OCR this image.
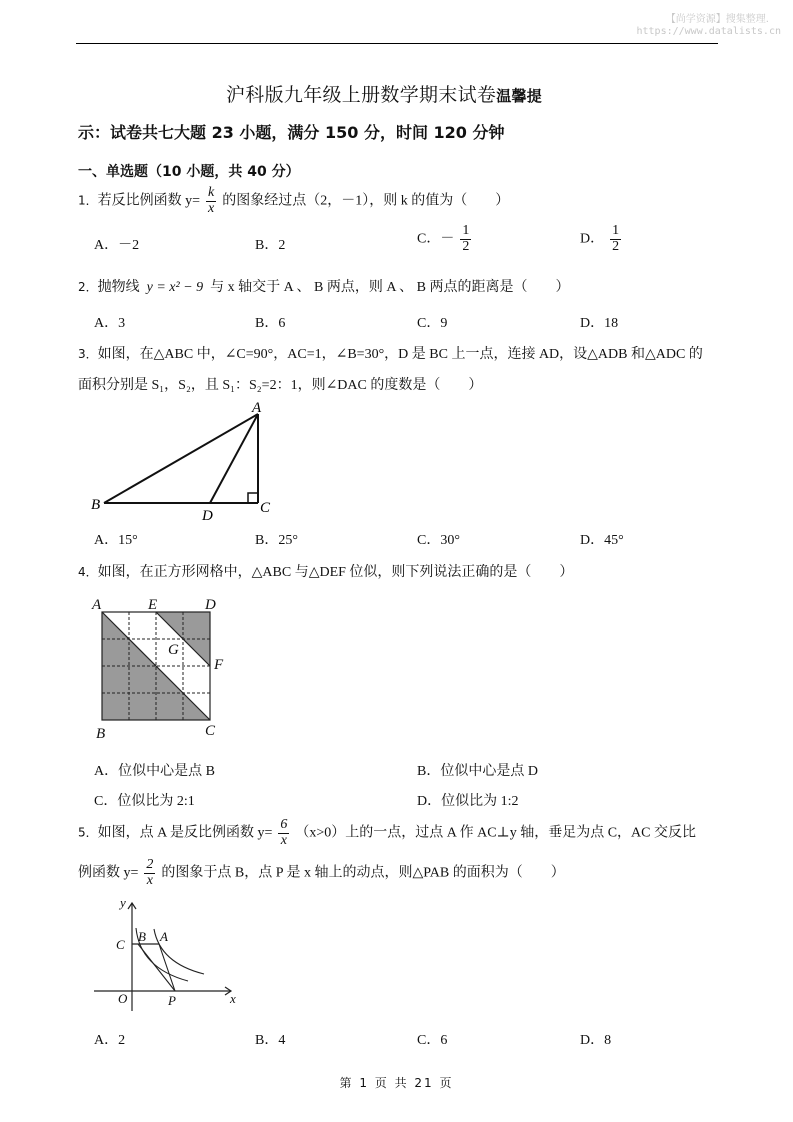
【尚学资源】搜集整理.
https://www.datalists.cn
沪科版九年级上册数学期末试卷温馨提
示：试卷共七大题 23 小题，满分 150 分，时间 120 分钟
一、单选题（10 小题，共 40 分）
1．若反比例函数 $y= \frac{k}{x}$ 的图象经过点（2，－1），则 k 的值为（　　）
A．－2	B．2	C．－ $\frac{1}{2}$	D． $\frac{1}{2}$
2．抛物线 y = x² − 9 与 x 轴交于 A 、 B 两点，则 A 、 B 两点的距离是（　　）
A．3	B．6	C．9	D．18
3．如图，在△ABC 中，∠C=90°，AC=1，∠B=30°，D 是 BC 上一点，连接 AD，设△ADB 和△ADC 的
面积分别是 S₁，S₂，且 S₁：S₂=2：1，则∠DAC 的度数是（　　）
A
B	C
D
A．15°	B．25°	C．30°	D．45°
4．如图，在正方形网格中，△ABC 与△DEF 位似，则下列说法正确的是（　　）
A	E	D
G
F
B	C
A．位似中心是点 B	B．位似中心是点 D
C．位似比为 2:1	D．位似比为 1:2
5．如图，点 A 是反比例函数 $y= \frac{6}{x} (x>0)$上的一点，过点 A 作 AC⊥y 轴，垂足为点 C，AC 交反比
例函数 $y= \frac{2}{x}$ 的图象于点 B，点 P 是 x 轴上的动点，则△PAB 的面积为（　　）
y
C
B A
O	P	x
A．2	B．4	C．6	D．8
第 1 页 共 21 页
